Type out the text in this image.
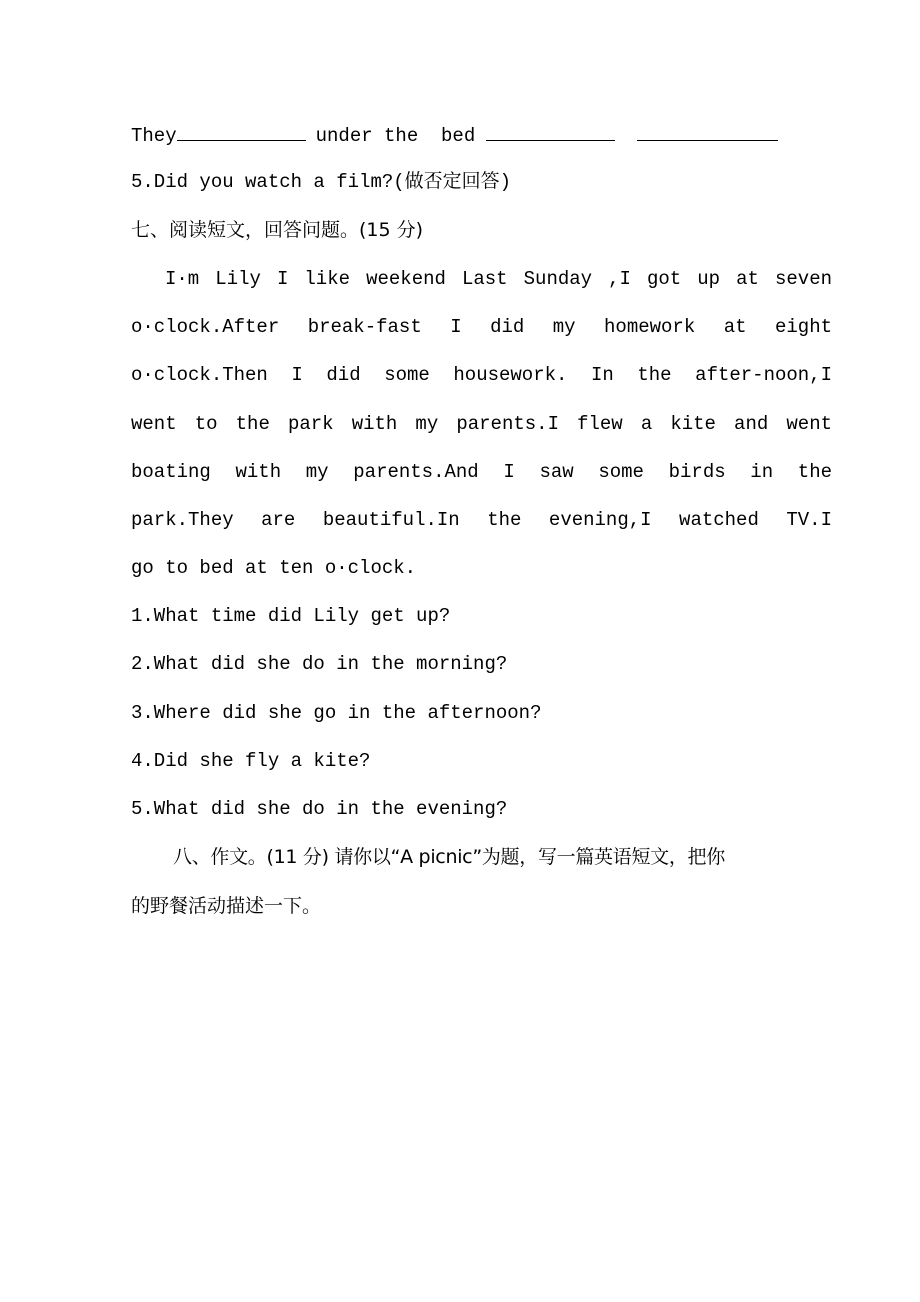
They	under the  bed
5.Did you watch a film?(做否定回答)
七、阅读短文，回答问题。(15 分)
I·m Lily I like weekend Last Sunday ,I got up at seven
o·clock.After break-fast I did my homework at eight
o·clock.Then I did some housework. In the after-noon,I
went to the park with my parents.I flew a kite and went
boating with my parents.And I saw some birds in the
park.They are beautiful.In the evening,I watched TV.I
go to bed at ten o·clock.
1.What time did Lily get up?
2.What did she do in the morning?
3.Where did she go in the afternoon?
4.Did she fly a kite?
5.What did she do in the evening?
八、作文。(11 分) 请你以“A picnic”为题，写一篇英语短文，把你
的野餐活动描述一下。
